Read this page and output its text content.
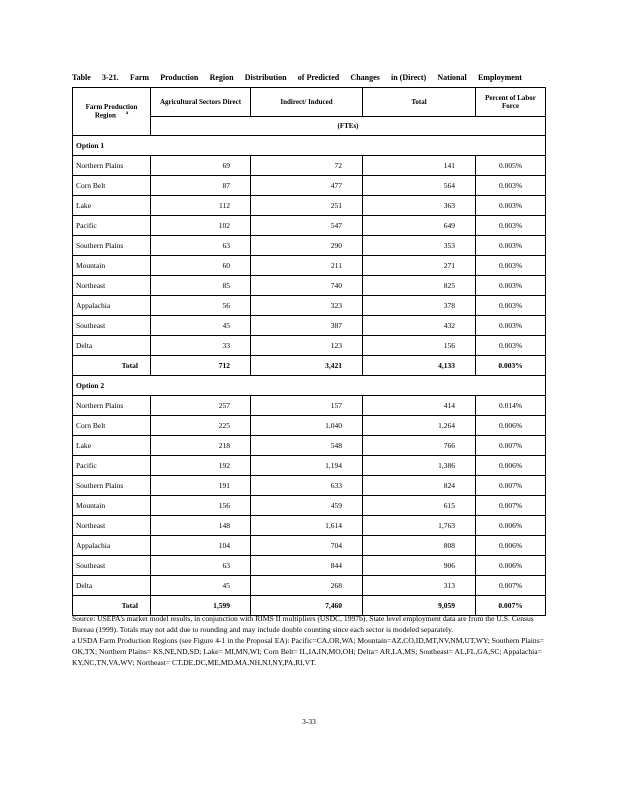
Table 3-21. Farm Production Region Distribution of Predicted Changes in (Direct) National Employment
Farm Production Region $^a$	Agricultural Sectors Direct	Indirect/ Induced	Total	Percent of Labor Force
	(FTEs)			
Option 1				
Northern Plains	69	72	141	0.005%
Corn Belt	87	477	564	0.003%
Lake	112	251	363	0.003%
Pacific	102	547	649	0.003%
Southern Plains	63	290	353	0.003%
Mountain	60	211	271	0.003%
Northeast	85	740	825	0.003%
Appalachia	56	323	378	0.003%
Southeast	45	387	432	0.003%
Delta	33	123	156	0.003%
Total	712	3,421	4,133	0.003%
Option 2				
Northern Plains	257	157	414	0.014%
Corn Belt	225	1,040	1,264	0.006%
Lake	218	548	766	0.007%
Pacific	192	1,194	1,386	0.006%
Southern Plains	191	633	824	0.007%
Mountain	156	459	615	0.007%
Northeast	148	1,614	1,763	0.006%
Appalachia	104	704	808	0.006%
Southeast	63	844	906	0.006%
Delta	45	268	313	0.007%
Total	1,599	7,460	9,059	0.007%
Source: USEPA's market model results, in conjunction with RIMS II multipliers (USDC, 1997b). State level employment data are from the U.S. Census Bureau (1999). Totals may not add due to rounding and may include double counting since each sector is modeled separately.
a USDA Farm Production Regions (see Figure 4-1 in the Proposal EA): Pacific=CA,OR,WA; Mountain=AZ,CO,ID,MT,NV,NM,UT,WY; Southern Plains= OK,TX; Northern Plains= KS,NE,ND,SD; Lake= MI,MN,WI; Corn Belt= IL,IA,IN,MO,OH; Delta= AR,LA,MS; Southeast= AL,FL,GA,SC; Appalachia= KY,NC,TN,VA,WV; Northeast= CT,DE,DC,ME,MD,MA,NH,NJ,NY,PA,RI,VT.
3-33
